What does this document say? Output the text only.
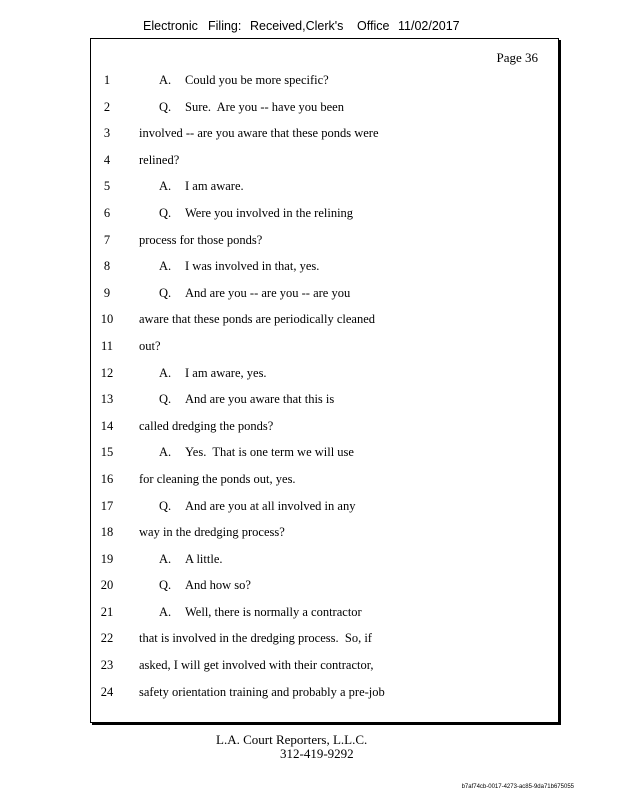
Electronic Filing: Received,Clerk's Office 11/02/2017
Page 36
1	A. Could you be more specific?
2	Q. Sure.  Are you -- have you been
3	involved -- are you aware that these ponds were
4	relined?
5	A. I am aware.
6	Q. Were you involved in the relining
7	process for those ponds?
8	A. I was involved in that, yes.
9	Q. And are you -- are you -- are you
10	aware that these ponds are periodically cleaned
11	out?
12	A. I am aware, yes.
13	Q. And are you aware that this is
14	called dredging the ponds?
15	A. Yes.  That is one term we will use
16	for cleaning the ponds out, yes.
17	Q. And are you at all involved in any
18	way in the dredging process?
19	A. A little.
20	Q. And how so?
21	A. Well, there is normally a contractor
22	that is involved in the dredging process.  So, if
23	asked, I will get involved with their contractor,
24	safety orientation training and probably a pre-job
L.A. Court Reporters, L.L.C.
312-419-9292
b7af74cb-0017-4273-ac85-9da71b675055
